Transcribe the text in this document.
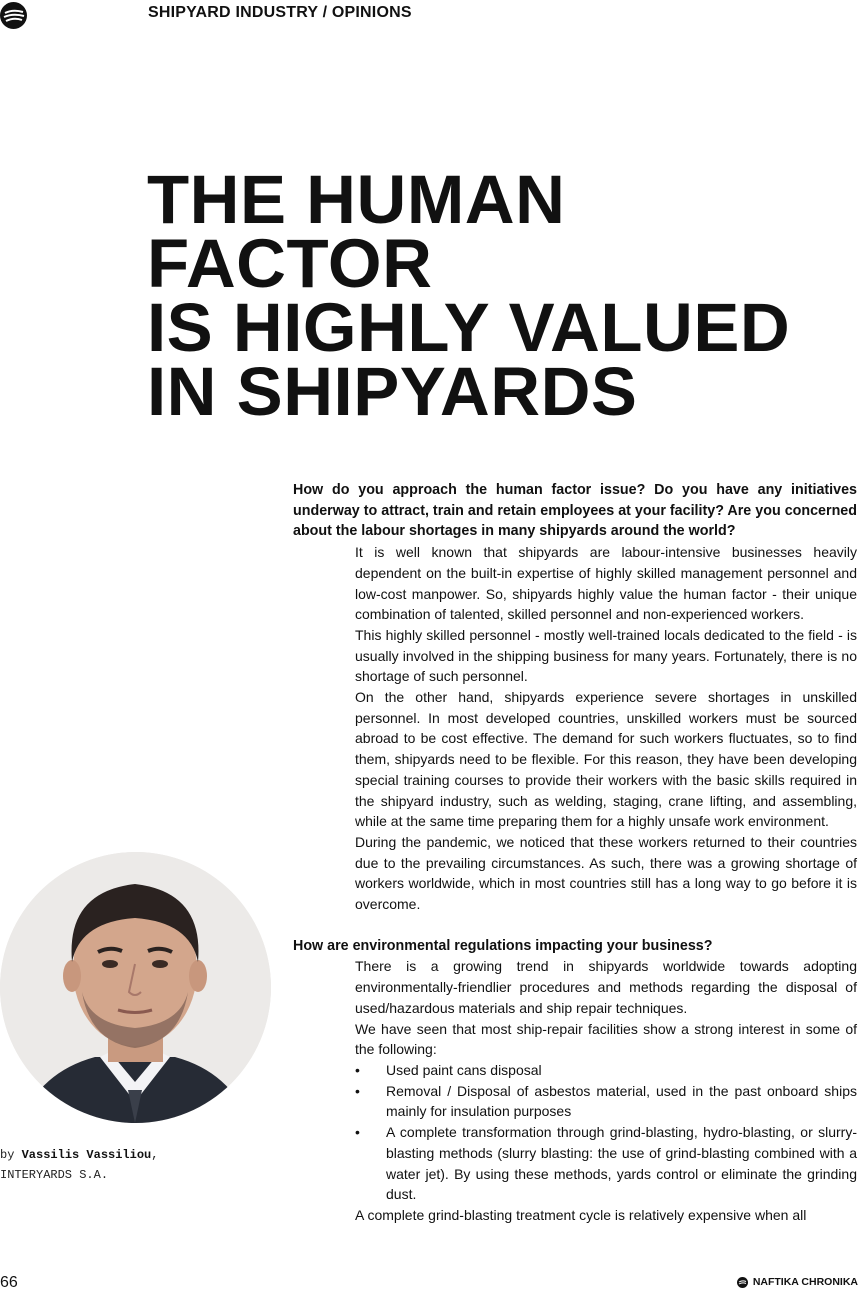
SHIPYARD INDUSTRY / OPINIONS
THE HUMAN FACTOR
IS HIGHLY VALUED
IN SHIPYARDS

How do you approach the human factor issue? Do you have any initiatives underway to attract, train and retain employees at your facility? Are you concerned about the labour shortages in many shipyards around the world?

It is well known that shipyards are labour-intensive businesses heavily dependent on the built-in expertise of highly skilled management personnel and low-cost manpower. So, shipyards highly value the human factor - their unique combination of talented, skilled personnel and non-experienced workers.

This highly skilled personnel - mostly well-trained locals dedicated to the field - is usually involved in the shipping business for many years. Fortunately, there is no shortage of such personnel.

On the other hand, shipyards experience severe shortages in unskilled personnel. In most developed countries, unskilled workers must be sourced abroad to be cost effective. The demand for such workers fluctuates, so to find them, shipyards need to be flexible. For this reason, they have been developing special training courses to provide their workers with the basic skills required in the shipyard industry, such as welding, staging, crane lifting, and assembling, while at the same time preparing them for a highly unsafe work environment.

During the pandemic, we noticed that these workers returned to their countries due to the prevailing circumstances. As such, there was a growing shortage of workers worldwide, which in most countries still has a long way to go before it is overcome.

How are environmental regulations impacting your business?

There is a growing trend in shipyards worldwide towards adopting environmentally-friendlier procedures and methods regarding the disposal of used/hazardous materials and ship repair techniques.

We have seen that most ship-repair facilities show a strong interest in some of the following:

• Used paint cans disposal
• Removal / Disposal of asbestos material, used in the past onboard ships mainly for insulation purposes
• A complete transformation through grind-blasting, hydro-blasting, or slurry-blasting methods (slurry blasting: the use of grind-blasting combined with a water jet). By using these methods, yards control or eliminate the grinding dust.

A complete grind-blasting treatment cycle is relatively expensive when all

by Vassilis Vassiliou,
INTERYARDS S.A.
66	NAFTIKA CHRONIKA
